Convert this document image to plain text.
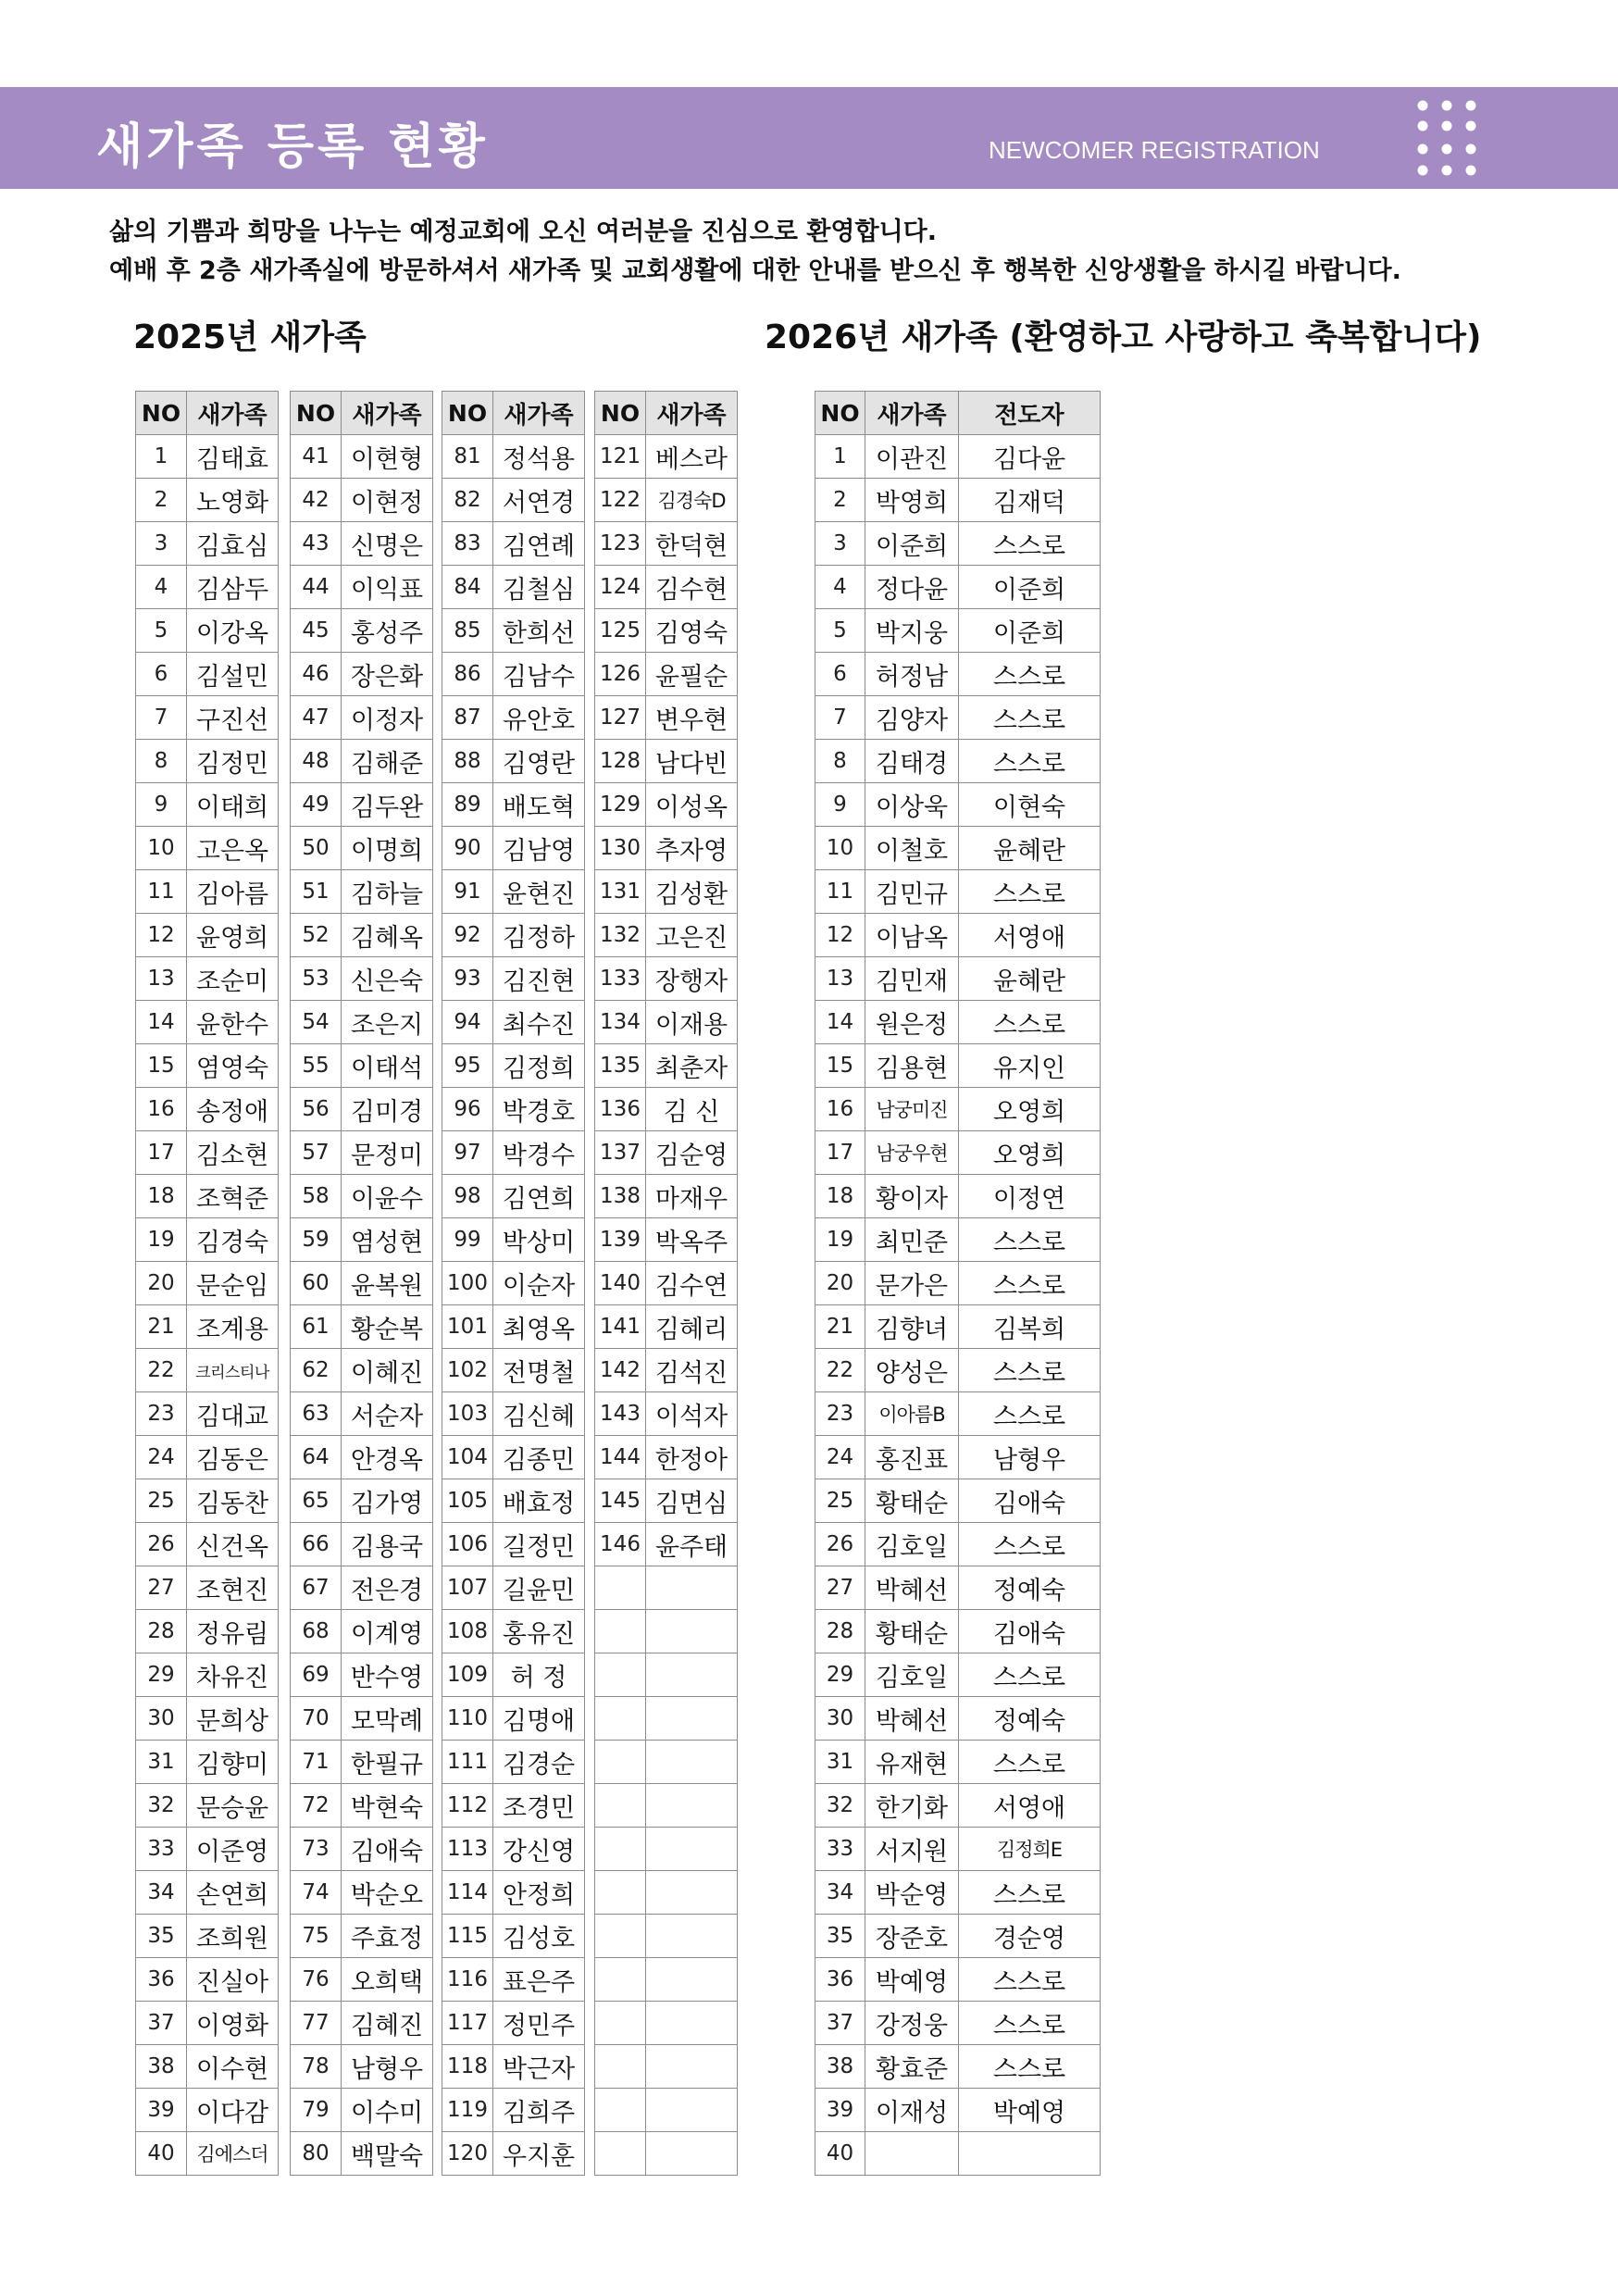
새가족 등록 현황	NEWCOMER REGISTRATION
삶의 기쁨과 희망을 나누는 예정교회에 오신 여러분을 진심으로 환영합니다.
예배 후 2층 새가족실에 방문하셔서 새가족 및 교회생활에 대한 안내를 받으신 후 행복한 신앙생활을 하시길 바랍니다.
2025년 새가족	2026년 새가족 (환영하고 사랑하고 축복합니다)
NO	새가족
1	김태효
2	노영화
3	김효심
4	김삼두
5	이강옥
6	김설민
7	구진선
8	김정민
9	이태희
10	고은옥
11	김아름
12	윤영희
13	조순미
14	윤한수
15	염영숙
16	송정애
17	김소현
18	조혁준
19	김경숙
20	문순임
21	조계용
22	크리스티나
23	김대교
24	김동은
25	김동찬
26	신건옥
27	조현진
28	정유림
29	차유진
30	문희상
31	김향미
32	문승윤
33	이준영
34	손연희
35	조희원
36	진실아
37	이영화
38	이수현
39	이다감
40	김에스더
NO	새가족
41	이현형
42	이현정
43	신명은
44	이익표
45	홍성주
46	장은화
47	이정자
48	김해준
49	김두완
50	이명희
51	김하늘
52	김혜옥
53	신은숙
54	조은지
55	이태석
56	김미경
57	문정미
58	이윤수
59	염성현
60	윤복원
61	황순복
62	이혜진
63	서순자
64	안경옥
65	김가영
66	김용국
67	전은경
68	이계영
69	반수영
70	모막례
71	한필규
72	박현숙
73	김애숙
74	박순오
75	주효정
76	오희택
77	김혜진
78	남형우
79	이수미
80	백말숙
NO	새가족
81	정석용
82	서연경
83	김연례
84	김철심
85	한희선
86	김남수
87	유안호
88	김영란
89	배도혁
90	김남영
91	윤현진
92	김정하
93	김진현
94	최수진
95	김정희
96	박경호
97	박경수
98	김연희
99	박상미
100	이순자
101	최영옥
102	전명철
103	김신혜
104	김종민
105	배효정
106	길정민
107	길윤민
108	홍유진
109	허 정
110	김명애
111	김경순
112	조경민
113	강신영
114	안정희
115	김성호
116	표은주
117	정민주
118	박근자
119	김희주
120	우지훈
NO	새가족
121	베스라
122	김경숙D
123	한덕현
124	김수현
125	김영숙
126	윤필순
127	변우현
128	남다빈
129	이성옥
130	추자영
131	김성환
132	고은진
133	장행자
134	이재용
135	최춘자
136	김 신
137	김순영
138	마재우
139	박옥주
140	김수연
141	김혜리
142	김석진
143	이석자
144	한정아
145	김면심
146	윤주태

NO	새가족	전도자
1	이관진	김다윤
2	박영희	김재덕
3	이준희	스스로
4	정다윤	이준희
5	박지웅	이준희
6	허정남	스스로
7	김양자	스스로
8	김태경	스스로
9	이상욱	이현숙
10	이철호	윤혜란
11	김민규	스스로
12	이남옥	서영애
13	김민재	윤혜란
14	원은정	스스로
15	김용현	유지인
16	남궁미진	오영희
17	남궁우현	오영희
18	황이자	이정연
19	최민준	스스로
20	문가은	스스로
21	김향녀	김복희
22	양성은	스스로
23	이아름B	스스로
24	홍진표	남형우
25	황태순	김애숙
26	김호일	스스로
27	박혜선	정예숙
28	황태순	김애숙
29	김호일	스스로
30	박혜선	정예숙
31	유재현	스스로
32	한기화	서영애
33	서지원	김정희E
34	박순영	스스로
35	장준호	경순영
36	박예영	스스로
37	강정웅	스스로
38	황효준	스스로
39	이재성	박예영
40		
